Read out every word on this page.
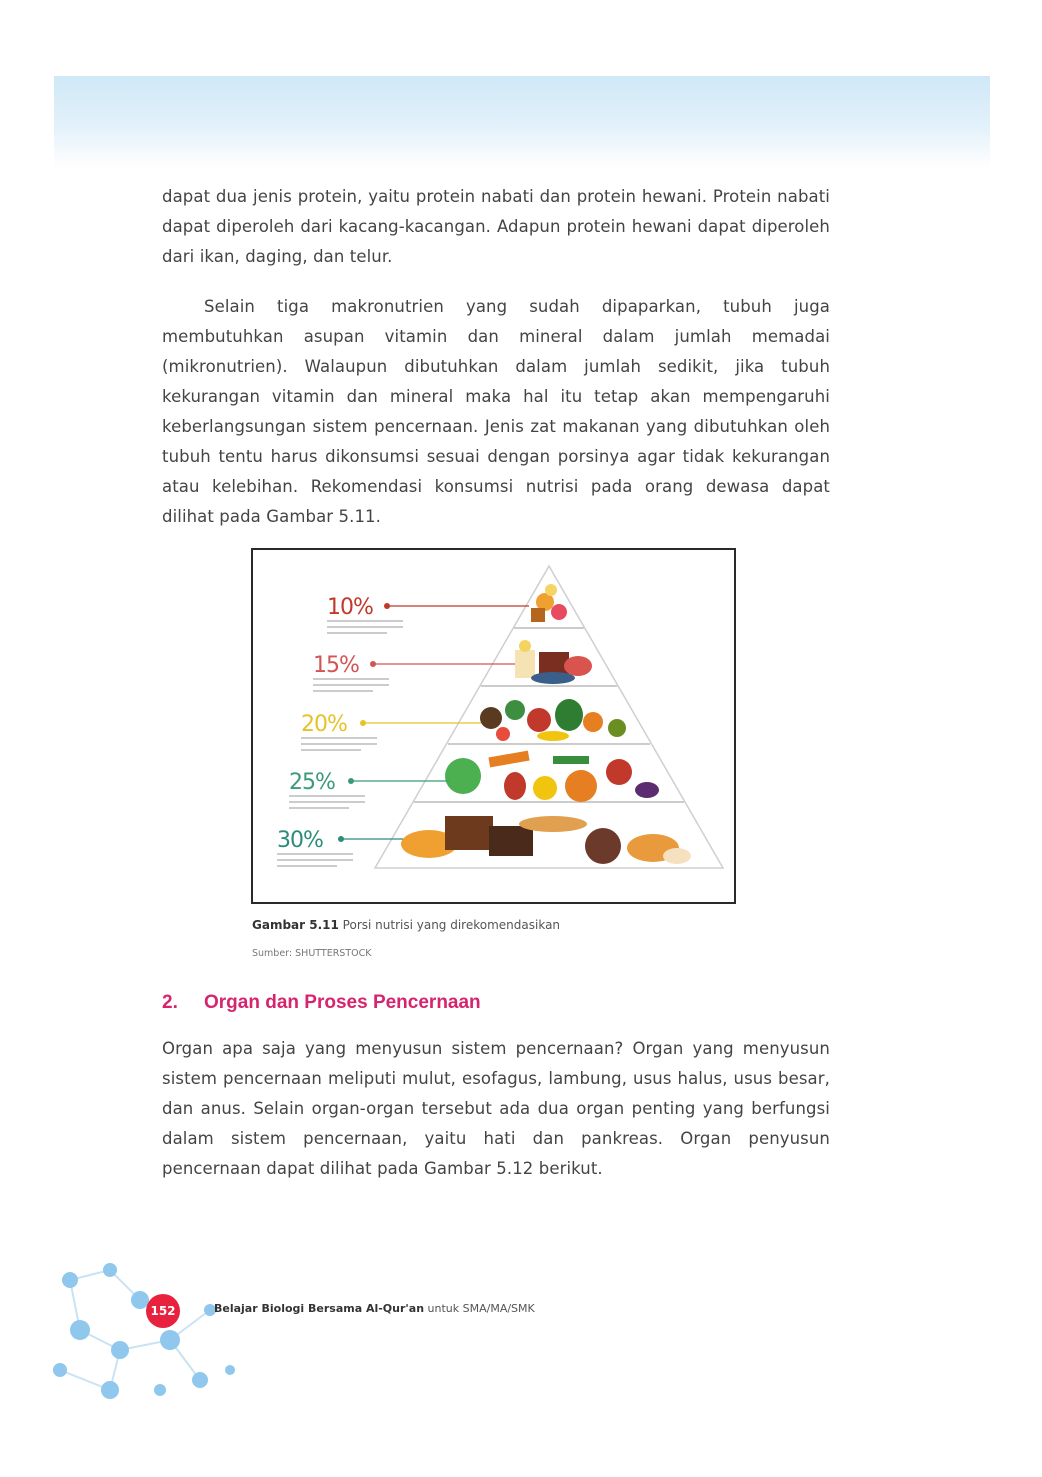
dapat dua jenis protein, yaitu protein nabati dan protein hewani. Protein nabati dapat diperoleh dari kacang-kacangan. Adapun protein hewani dapat diperoleh dari ikan, daging, dan telur.

Selain tiga makronutrien yang sudah dipaparkan, tubuh juga membutuhkan asupan vitamin dan mineral dalam jumlah memadai (mikronutrien). Walaupun dibutuhkan dalam jumlah sedikit, jika tubuh kekurangan vitamin dan mineral maka hal itu tetap akan mempengaruhi keberlangsungan sistem pencernaan. Jenis zat makanan yang dibutuhkan oleh tubuh tentu harus dikonsumsi sesuai dengan porsinya agar tidak kekurangan atau kelebihan. Rekomendasi konsumsi nutrisi pada orang dewasa dapat dilihat pada Gambar 5.11.

10%
15%
20%
25%
30%
Gambar 5.11 Porsi nutrisi yang direkomendasikan
Sumber: SHUTTERSTOCK
2. Organ dan Proses Pencernaan

Organ apa saja yang menyusun sistem pencernaan? Organ yang menyusun sistem pencernaan meliputi mulut, esofagus, lambung, usus halus, usus besar, dan anus. Selain organ-organ tersebut ada dua organ penting yang berfungsi dalam sistem pencernaan, yaitu hati dan pankreas. Organ penyusun pencernaan dapat dilihat pada Gambar 5.12 berikut.

152	Belajar Biologi Bersama Al-Qur'an untuk SMA/MA/SMK
